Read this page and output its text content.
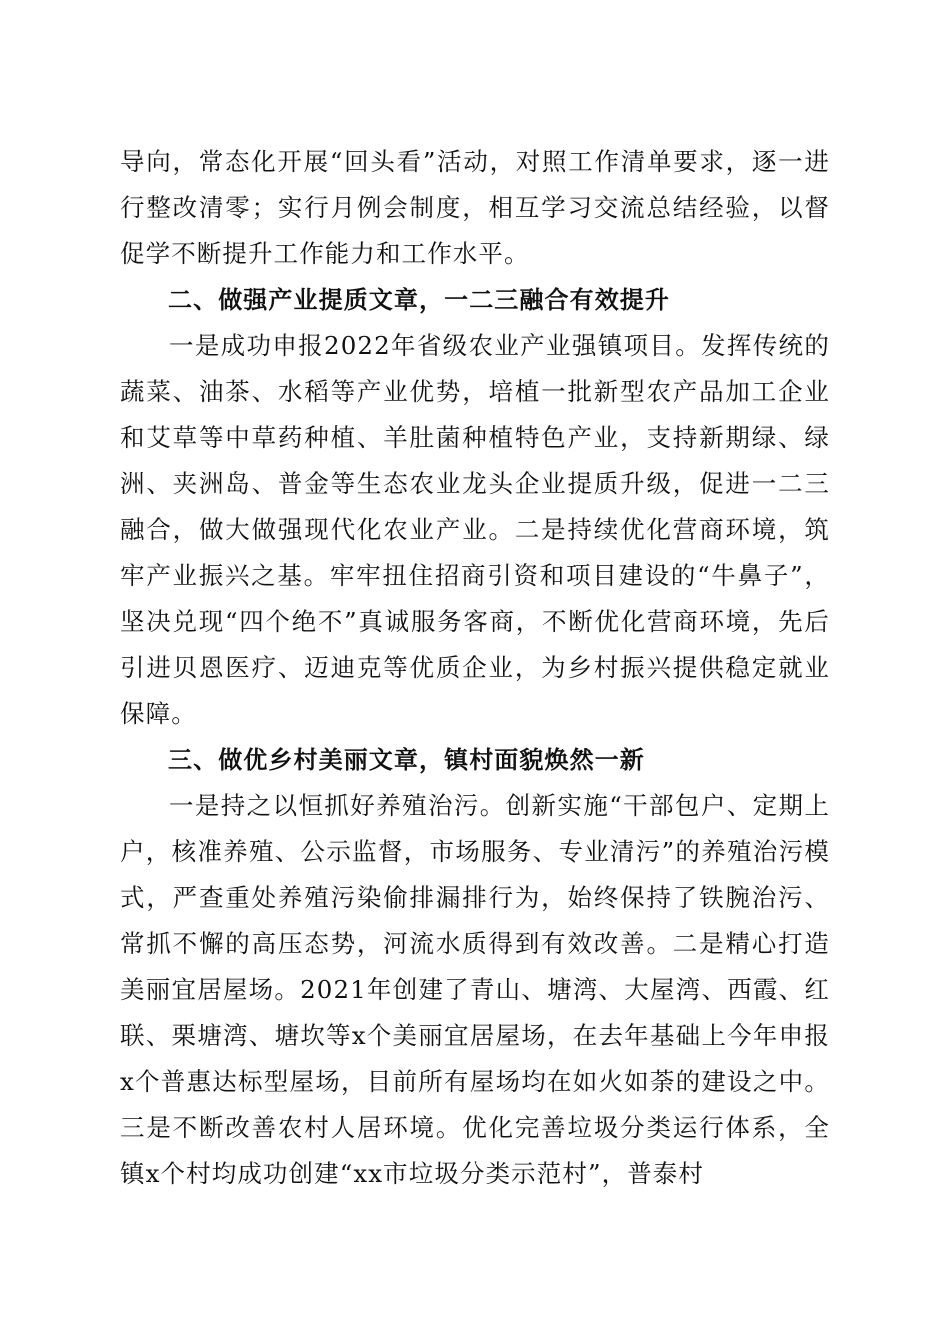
导向，常态化开展“回头看”活动，对照工作清单要求，逐一进行整改清零；实行月例会制度，相互学习交流总结经验，以督促学不断提升工作能力和工作水平。

二、做强产业提质文章，一二三融合有效提升

一是成功申报2022年省级农业产业强镇项目。发挥传统的蔬菜、油茶、水稻等产业优势，培植一批新型农产品加工企业和艾草等中草药种植、羊肚菌种植特色产业，支持新期绿、绿洲、夹洲岛、普金等生态农业龙头企业提质升级，促进一二三融合，做大做强现代化农业产业。二是持续优化营商环境，筑牢产业振兴之基。牢牢扭住招商引资和项目建设的“牛鼻子”，坚决兑现“四个绝不”真诚服务客商，不断优化营商环境，先后引进贝恩医疗、迈迪克等优质企业，为乡村振兴提供稳定就业保障。

三、做优乡村美丽文章，镇村面貌焕然一新

一是持之以恒抓好养殖治污。创新实施“干部包户、定期上户，核准养殖、公示监督，市场服务、专业清污”的养殖治污模式，严查重处养殖污染偷排漏排行为，始终保持了铁腕治污、常抓不懈的高压态势，河流水质得到有效改善。二是精心打造美丽宜居屋场。2021年创建了青山、塘湾、大屋湾、西霞、红联、栗塘湾、塘坎等x个美丽宜居屋场，在去年基础上今年申报x个普惠达标型屋场，目前所有屋场均在如火如荼的建设之中。三是不断改善农村人居环境。优化完善垃圾分类运行体系，全镇x个村均成功创建“xx市垃圾分类示范村”，普泰村
